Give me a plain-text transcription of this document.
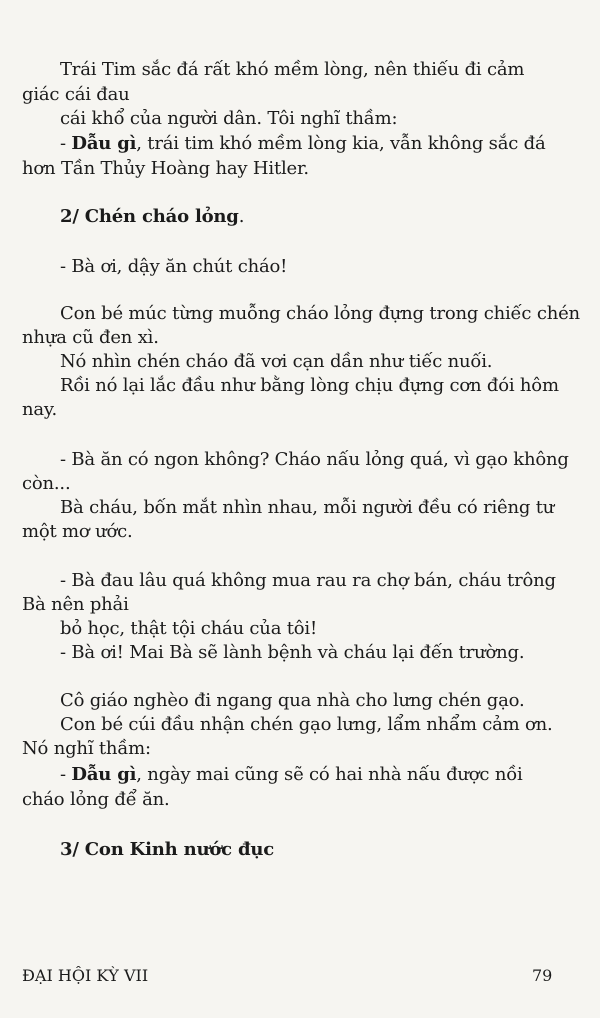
Trái Tim sắc đá rất khó mềm lòng, nên thiếu đi cảm
giác cái đau
cái khổ của người dân. Tôi nghĩ thầm:
- Dẫu gì, trái tim khó mềm lòng kia, vẫn không sắc đá
hơn Tần Thủy Hoàng hay Hitler.
2/ Chén cháo lỏng.
- Bà ơi, dậy ăn chút cháo!
Con bé múc từng muỗng cháo lỏng đựng trong chiếc chén
nhựa cũ đen xì.
Nó nhìn chén cháo đã vơi cạn dần như tiếc nuối.
Rồi nó lại lắc đầu như bằng lòng chịu đựng cơn đói hôm
nay.
- Bà ăn có ngon không? Cháo nấu lỏng quá, vì gạo không
còn...
Bà cháu, bốn mắt nhìn nhau, mỗi người đều có riêng tư
một mơ ước.
- Bà đau lâu quá không mua rau ra chợ bán, cháu trông
Bà nên phải
bỏ học, thật tội cháu của tôi!
- Bà ơi! Mai Bà sẽ lành bệnh và cháu lại đến trường.
Cô giáo nghèo đi ngang qua nhà cho lưng chén gạo.
Con bé cúi đầu nhận chén gạo lưng, lẩm nhẩm cảm ơn.
Nó nghĩ thầm:
- Dẫu gì, ngày mai cũng sẽ có hai nhà nấu được nồi
cháo lỏng để ăn.
3/ Con Kinh nước đục
ĐẠI HỘI KỲ VII	79
